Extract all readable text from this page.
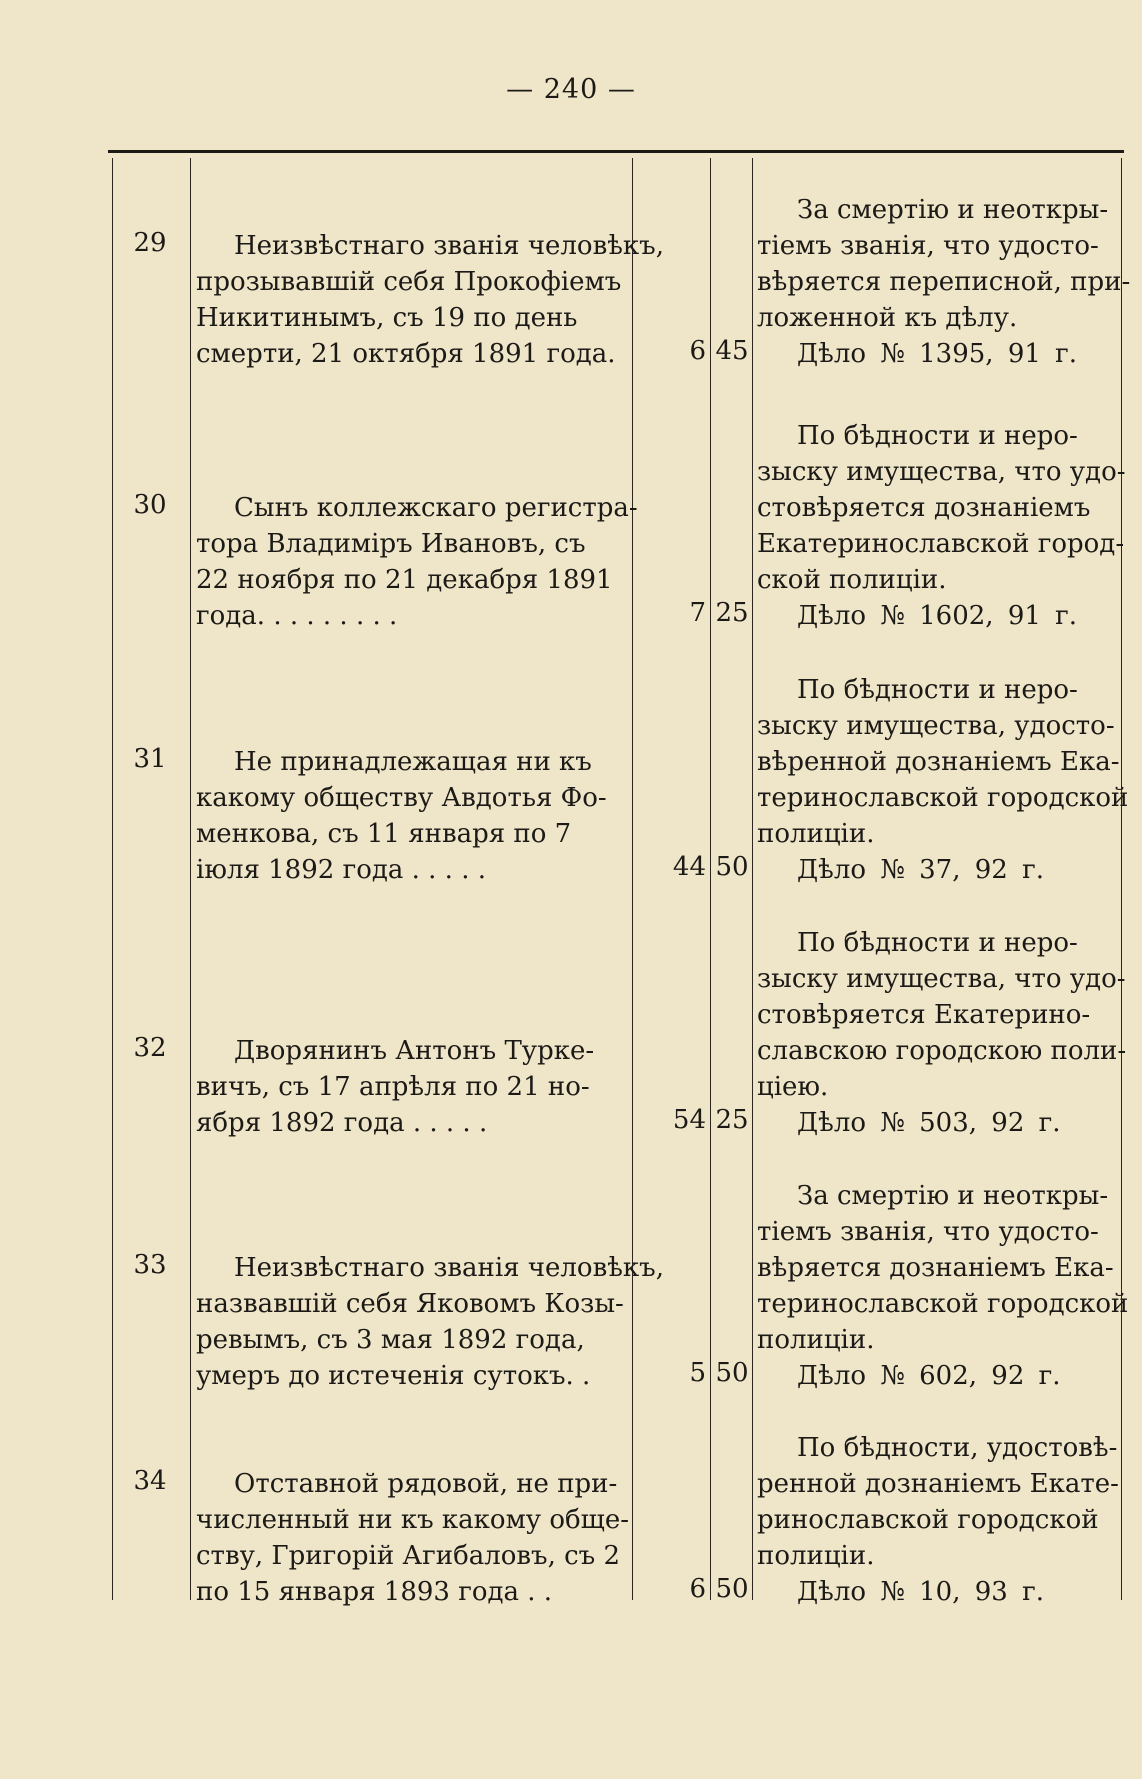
— 240 —
За смертію и неоткры-
тіемъ званія, что удосто-
вѣряется переписной, при-
ложенной къ дѣлу.
Дѣло № 1395, 91 г.
Неизвѣстнаго званія человѣкъ,
прозывавшій себя Прокофіемъ
Никитинымъ, съ 19 по день
смерти, 21 октября 1891 года.
29
6 45
По бѣдности и неро-
зыску имущества, что удо-
стовѣряется дознаніемъ
Екатеринославской город-
ской полиціи.
Дѣло № 1602, 91 г.
Сынъ коллежскаго регистра-
тора Владиміръ Ивановъ, съ
22 ноября по 21 декабря 1891
года. . . . . . . . .
30
7 25
По бѣдности и неро-
зыску имущества, удосто-
вѣренной дознаніемъ Ека-
теринославской городской
полиціи.
Дѣло № 37, 92 г.
Не принадлежащая ни къ
какому обществу Авдотья Фо-
менкова, съ 11 января по 7
іюля 1892 года . . . . .
31
44 50
По бѣдности и неро-
зыску имущества, что удо-
стовѣряется Екатерино-
славскою городскою поли-
ціею.
Дѣло № 503, 92 г.
Дворянинъ Антонъ Турке-
вичъ, съ 17 апрѣля по 21 но-
ября 1892 года . . . . .
32
54 25
За смертію и неоткры-
тіемъ званія, что удосто-
вѣряется дознаніемъ Ека-
теринославской городской
полиціи.
Дѣло № 602, 92 г.
Неизвѣстнаго званія человѣкъ,
назвавшій себя Яковомъ Козы-
ревымъ, съ 3 мая 1892 года,
умеръ до истеченія сутокъ. .
33
5 50
По бѣдности, удостовѣ-
ренной дознаніемъ Екате-
ринославской городской
полиціи.
Дѣло № 10, 93 г.
Отставной рядовой, не при-
численный ни къ какому обще-
ству, Григорій Агибаловъ, съ 2
по 15 января 1893 года . .
34
6 50
